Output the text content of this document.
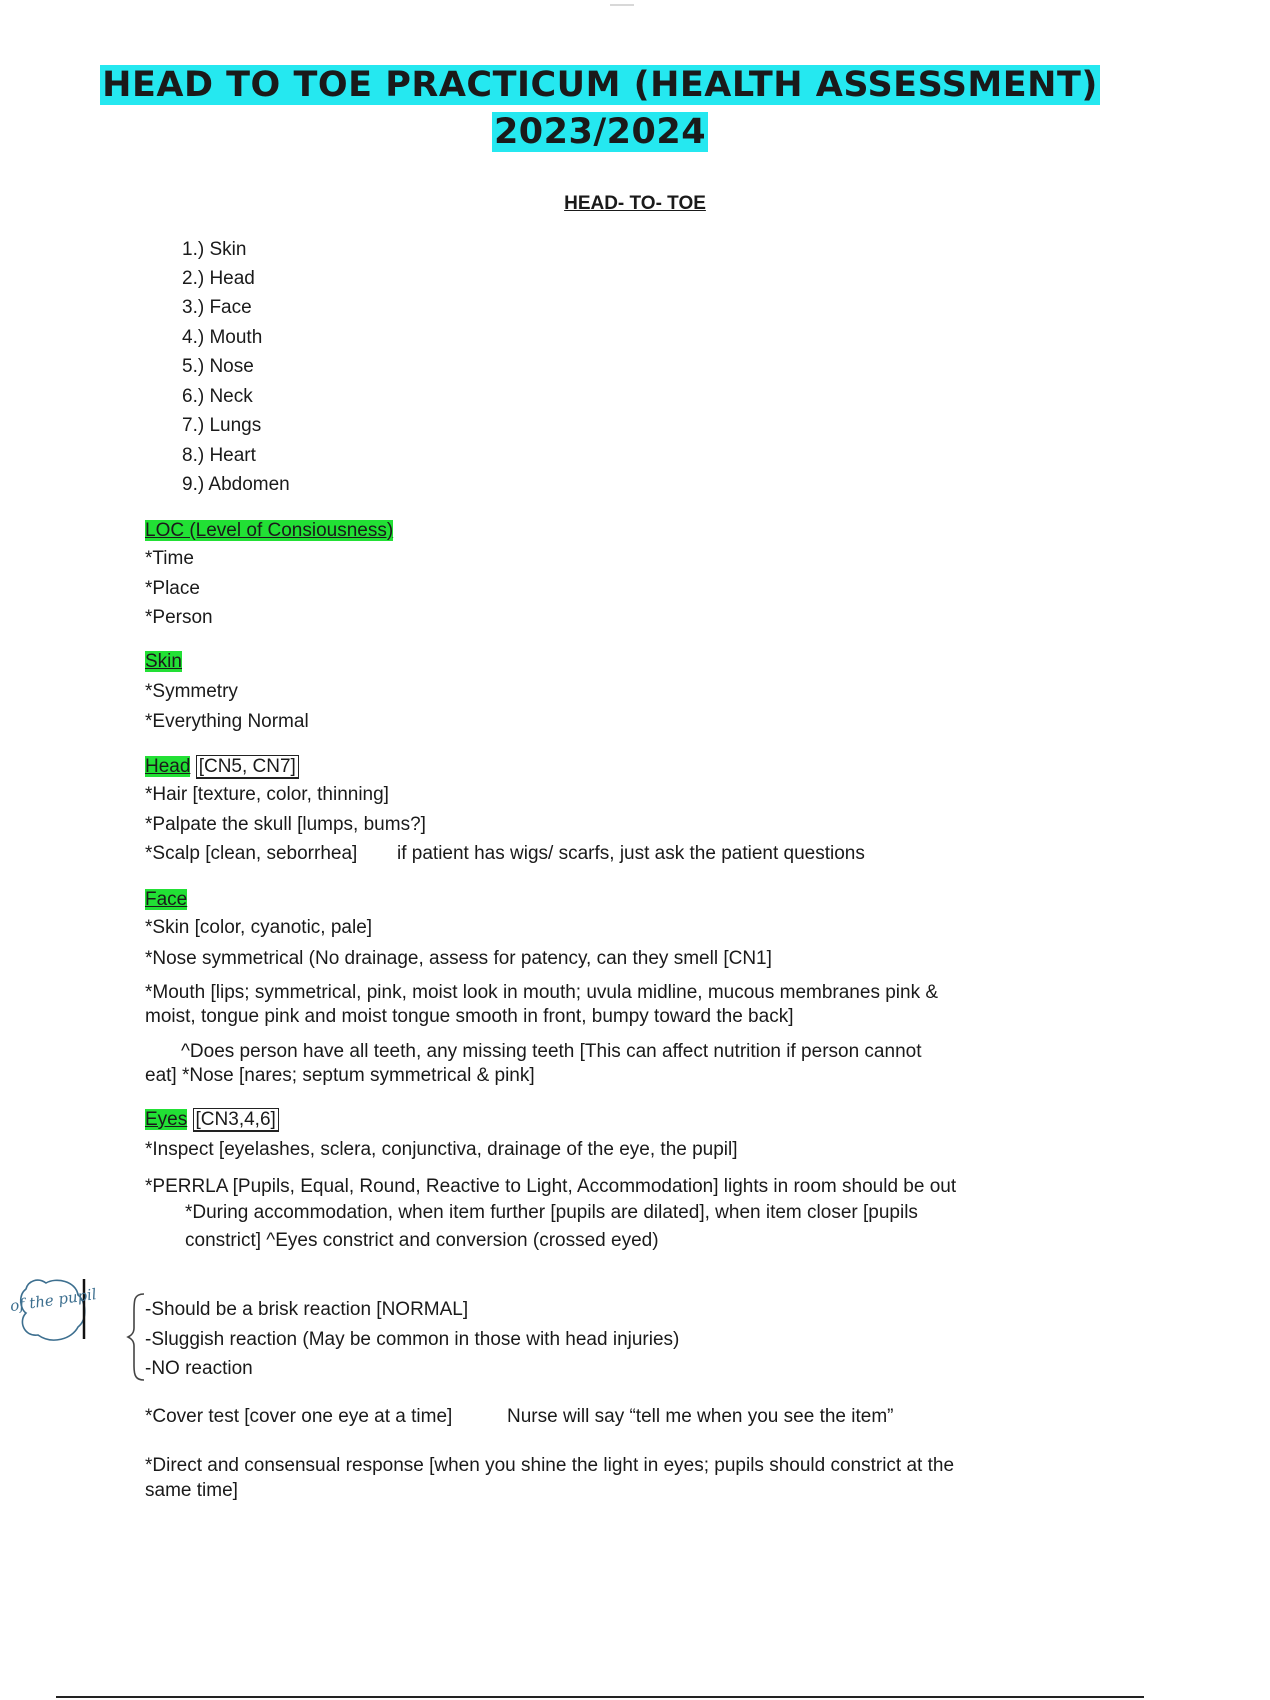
HEAD TO TOE PRACTICUM (HEALTH ASSESSMENT)
2023/2024
HEAD- TO- TOE
1.) Skin
2.) Head
3.) Face
4.) Mouth
5.) Nose
6.) Neck
7.) Lungs
8.) Heart
9.) Abdomen
LOC (Level of Consiousness)
*Time
*Place
*Person
Skin
*Symmetry
*Everything Normal
Head [CN5, CN7]
*Hair [texture, color, thinning]
*Palpate the skull [lumps, bums?]
*Scalp [clean, seborrhea] if patient has wigs/ scarfs, just ask the patient questions
Face
*Skin [color, cyanotic, pale]
*Nose symmetrical (No drainage, assess for patency, can they smell [CN1]
*Mouth [lips; symmetrical, pink, moist look in mouth; uvula midline, mucous membranes pink &
moist, tongue pink and moist tongue smooth in front, bumpy toward the back]
^Does person have all teeth, any missing teeth [This can affect nutrition if person cannot
eat] *Nose [nares; septum symmetrical & pink]
Eyes [CN3,4,6]
*Inspect [eyelashes, sclera, conjunctiva, drainage of the eye, the pupil]
*PERRLA [Pupils, Equal, Round, Reactive to Light, Accommodation] lights in room should be out
*During accommodation, when item further [pupils are dilated], when item closer [pupils
constrict] ^Eyes constrict and conversion (crossed eyed)
of the pupil -Should be a brisk reaction [NORMAL]
-Sluggish reaction (May be common in those with head injuries)
-NO reaction
*Cover test [cover one eye at a time]	Nurse will say “tell me when you see the item”
*Direct and consensual response [when you shine the light in eyes; pupils should constrict at the
same time]
